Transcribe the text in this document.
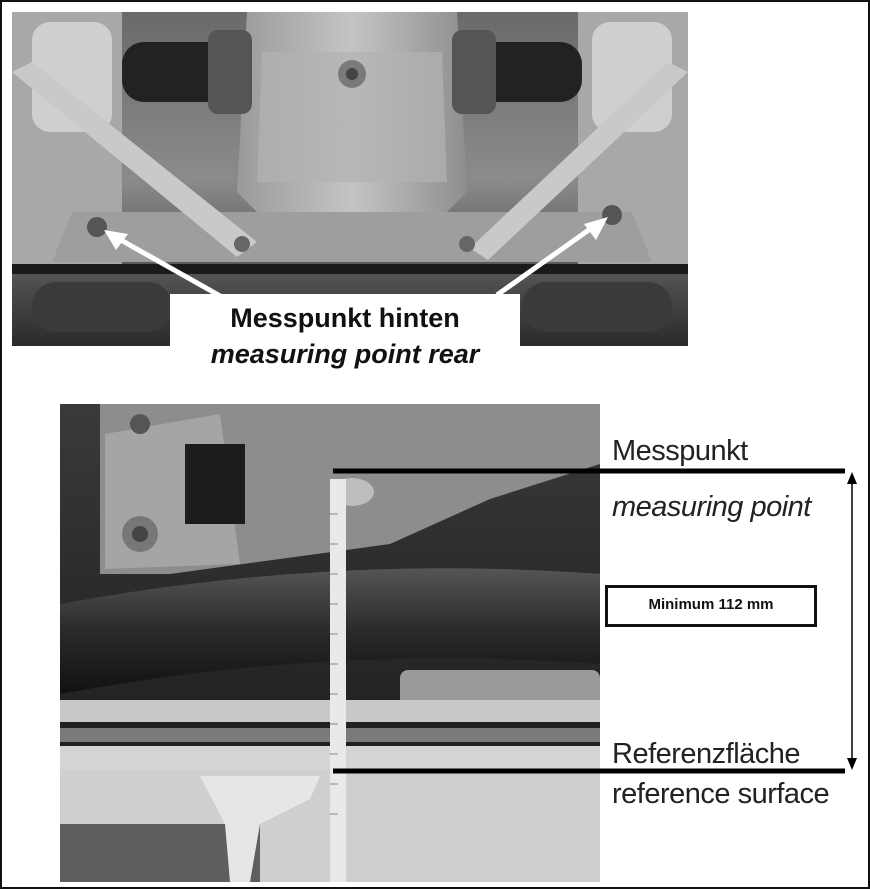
Messpunkt hinten
measuring point rear
Messpunkt
measuring point
Minimum 112 mm
Referenzfläche
reference surface
